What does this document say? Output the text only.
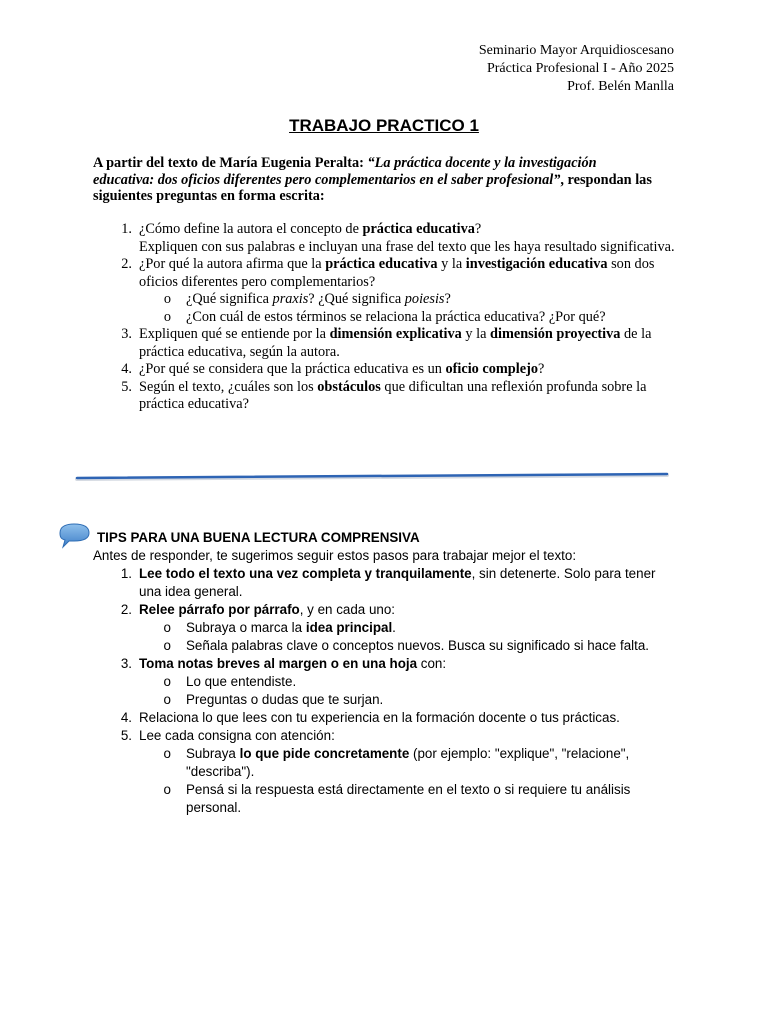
Seminario Mayor Arquidioscesano
Práctica Profesional I - Año 2025
Prof. Belén Manlla
TRABAJO PRACTICO 1
A partir del texto de María Eugenia Peralta: “La práctica docente y la investigación educativa: dos oficios diferentes pero complementarios en el saber profesional”, respondan las siguientes preguntas en forma escrita:
1. ¿Cómo define la autora el concepto de práctica educativa?
Expliquen con sus palabras e incluyan una frase del texto que les haya resultado significativa.
2. ¿Por qué la autora afirma que la práctica educativa y la investigación educativa son dos oficios diferentes pero complementarios?
o	¿Qué significa praxis? ¿Qué significa poiesis?
o	¿Con cuál de estos términos se relaciona la práctica educativa? ¿Por qué?
3. Expliquen qué se entiende por la dimensión explicativa y la dimensión proyectiva de la práctica educativa, según la autora.
4. ¿Por qué se considera que la práctica educativa es un oficio complejo?
5. Según el texto, ¿cuáles son los obstáculos que dificultan una reflexión profunda sobre la práctica educativa?
TIPS PARA UNA BUENA LECTURA COMPRENSIVA
Antes de responder, te sugerimos seguir estos pasos para trabajar mejor el texto:
1. Lee todo el texto una vez completa y tranquilamente, sin detenerte. Solo para tener una idea general.
2. Relee párrafo por párrafo, y en cada uno:
o	Subraya o marca la idea principal.
o	Señala palabras clave o conceptos nuevos. Busca su significado si hace falta.
3. Toma notas breves al margen o en una hoja con:
o	Lo que entendiste.
o	Preguntas o dudas que te surjan.
4. Relaciona lo que lees con tu experiencia en la formación docente o tus prácticas.
5. Lee cada consigna con atención:
o	Subraya lo que pide concretamente (por ejemplo: "explique", "relacione", "describa").
o	Pensá si la respuesta está directamente en el texto o si requiere tu análisis personal.
